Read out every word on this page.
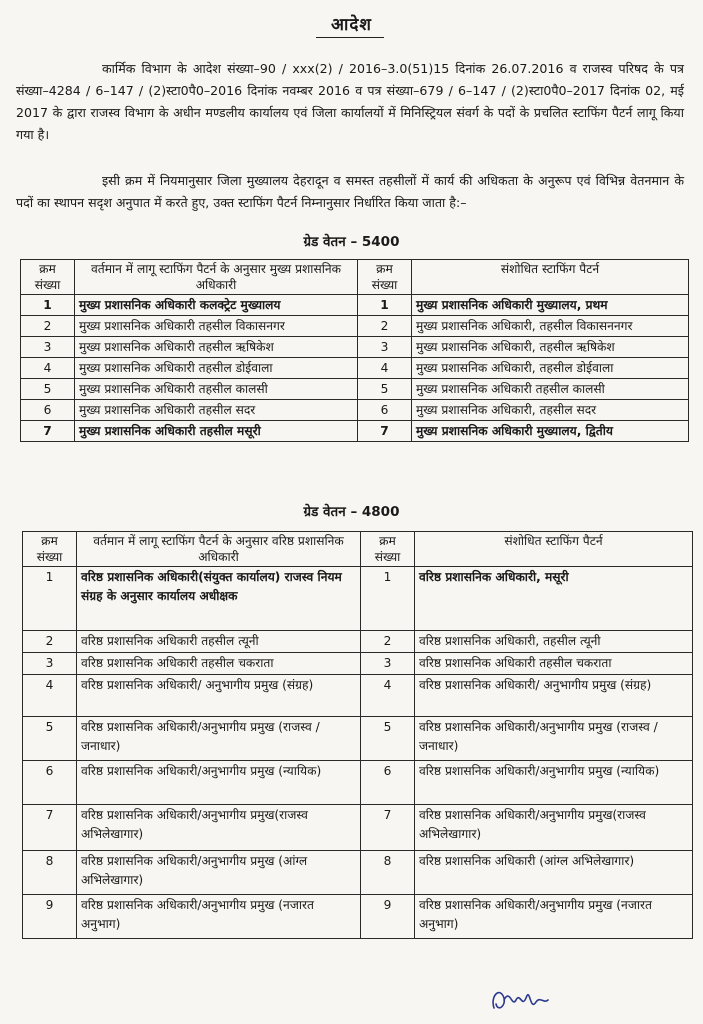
आदेश
कार्मिक विभाग के आदेश संख्या–90 / xxx(2) / 2016–3.0(51)15 दिनांक 26.07.2016 व राजस्व परिषद के पत्र संख्या–4284 / 6–147 / (2)स्टा0पै0–2016 दिनांक नवम्बर 2016 व पत्र संख्या–679 / 6–147 / (2)स्टा0पै0–2017 दिनांक 02, मई 2017 के द्वारा राजस्व विभाग के अधीन मण्डलीय कार्यालय एवं जिला कार्यालयों में मिनिस्ट्रियल संवर्ग के पदों के प्रचलित स्टाफिंग पैटर्न लागू किया गया है।
इसी क्रम में नियमानुसार जिला मुख्यालय देहरादून व समस्त तहसीलों में कार्य की अधिकता के अनुरूप एवं विभिन्न वेतनमान के पदों का स्थापन सदृश अनुपात में करते हुए, उक्त स्टाफिंग पैटर्न निम्नानुसार निर्धारित किया जाता है:–
ग्रेड वेतन – 5400
क्रम संख्या	वर्तमान में लागू स्टाफिंग पैटर्न के अनुसार मुख्य प्रशासनिक अधिकारी	क्रम संख्या	संशोधित स्टाफिंग पैटर्न
1	मुख्य प्रशासनिक अधिकारी कलक्ट्रेट मुख्यालय	1	मुख्य प्रशासनिक अधिकारी मुख्यालय, प्रथम
2	मुख्य प्रशासनिक अधिकारी तहसील विकासनगर	2	मुख्य प्रशासनिक अधिकारी, तहसील विकासननगर
3	मुख्य प्रशासनिक अधिकारी तहसील ऋषिकेश	3	मुख्य प्रशासनिक अधिकारी, तहसील ऋषिकेश
4	मुख्य प्रशासनिक अधिकारी तहसील डोईवाला	4	मुख्य प्रशासनिक अधिकारी, तहसील डोईवाला
5	मुख्य प्रशासनिक अधिकारी तहसील कालसी	5	मुख्य प्रशासनिक अधिकारी तहसील कालसी
6	मुख्य प्रशासनिक अधिकारी तहसील सदर	6	मुख्य प्रशासनिक अधिकारी, तहसील सदर
7	मुख्य प्रशासनिक अधिकारी तहसील मसूरी	7	मुख्य प्रशासनिक अधिकारी मुख्यालय, द्वितीय
ग्रेड वेतन – 4800
क्रम संख्या	वर्तमान में लागू स्टाफिंग पैटर्न के अनुसार वरिष्ठ प्रशासनिक अधिकारी	क्रम संख्या	संशोधित स्टाफिंग पैटर्न
1	वरिष्ठ प्रशासनिक अधिकारी(संयुक्त कार्यालय) राजस्व नियम संग्रह के अनुसार कार्यालय अधीक्षक	1	वरिष्ठ प्रशासनिक अधिकारी, मसूरी
2	वरिष्ठ प्रशासनिक अधिकारी तहसील त्यूनी	2	वरिष्ठ प्रशासनिक अधिकारी, तहसील त्यूनी
3	वरिष्ठ प्रशासनिक अधिकारी तहसील चकराता	3	वरिष्ठ प्रशासनिक अधिकारी तहसील चकराता
4	वरिष्ठ प्रशासनिक अधिकारी/ अनुभागीय प्रमुख (संग्रह)	4	वरिष्ठ प्रशासनिक अधिकारी/ अनुभागीय प्रमुख (संग्रह)
5	वरिष्ठ प्रशासनिक अधिकारी/अनुभागीय प्रमुख (राजस्व / जनाधार)	5	वरिष्ठ प्रशासनिक अधिकारी/अनुभागीय प्रमुख (राजस्व / जनाधार)
6	वरिष्ठ प्रशासनिक अधिकारी/अनुभागीय प्रमुख (न्यायिक)	6	वरिष्ठ प्रशासनिक अधिकारी/अनुभागीय प्रमुख (न्यायिक)
7	वरिष्ठ प्रशासनिक अधिकारी/अनुभागीय प्रमुख(राजस्व अभिलेखागार)	7	वरिष्ठ प्रशासनिक अधिकारी/अनुभागीय प्रमुख(राजस्व अभिलेखागार)
8	वरिष्ठ प्रशासनिक अधिकारी/अनुभागीय प्रमुख (आंग्ल अभिलेखागार)	8	वरिष्ठ प्रशासनिक अधिकारी (आंग्ल अभिलेखागार)
9	वरिष्ठ प्रशासनिक अधिकारी/अनुभागीय प्रमुख (नजारत अनुभाग)	9	वरिष्ठ प्रशासनिक अधिकारी/अनुभागीय प्रमुख (नजारत अनुभाग)
